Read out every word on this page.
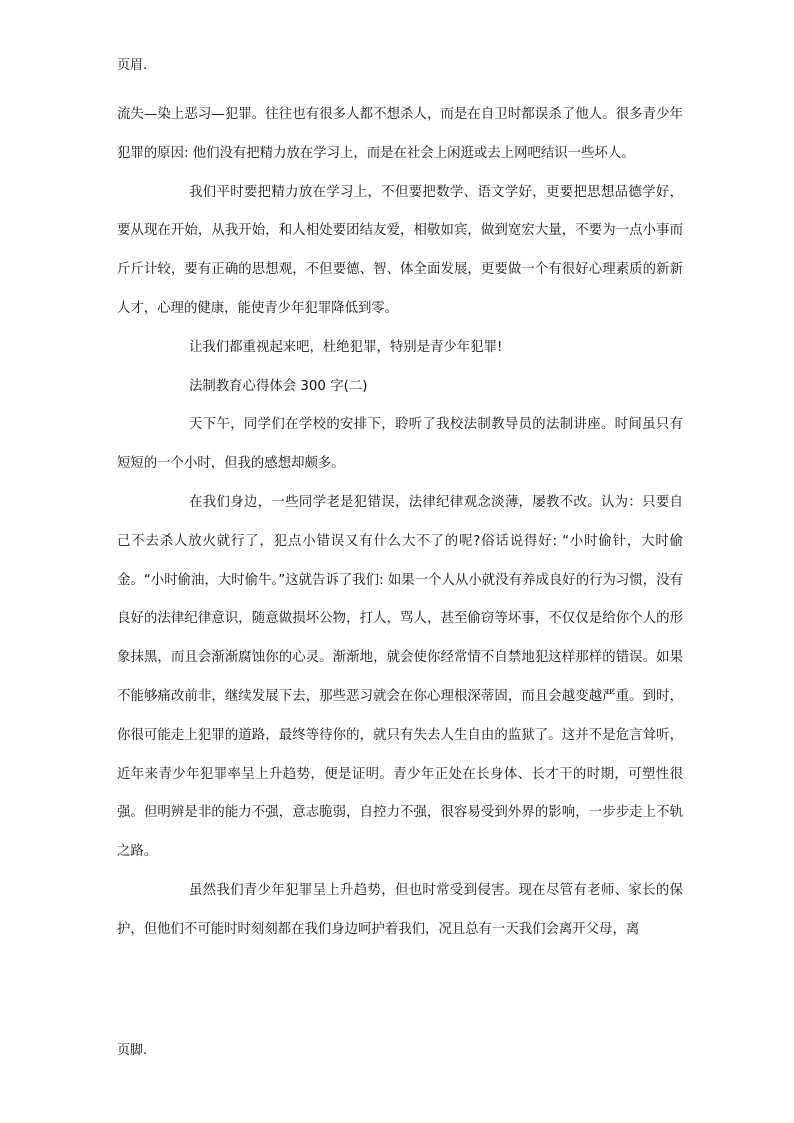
页眉.

流失—染上恶习—犯罪。往往也有很多人都不想杀人，而是在自卫时都误杀了他人。很多青少年犯罪的原因: 他们没有把精力放在学习上，而是在社会上闲逛或去上网吧结识一些坏人。

我们平时要把精力放在学习上，不但要把数学、语文学好，更要把思想品德学好，要从现在开始，从我开始，和人相处要团结友爱，相敬如宾，做到宽宏大量，不要为一点小事而斤斤计较，要有正确的思想观，不但要德、智、体全面发展，更要做一个有很好心理素质的新新人才，心理的健康，能使青少年犯罪降低到零。

让我们都重视起来吧，杜绝犯罪，特别是青少年犯罪!

法制教育心得体会 300 字(二)

天下午，同学们在学校的安排下，聆听了我校法制教导员的法制讲座。时间虽只有短短的一个小时，但我的感想却颇多。

在我们身边，一些同学老是犯错误，法律纪律观念淡薄，屡教不改。认为：只要自己不去杀人放火就行了，犯点小错误又有什么大不了的呢?俗话说得好: “小时偷针，大时偷金。“小时偷油，大时偷牛。”这就告诉了我们: 如果一个人从小就没有养成良好的行为习惯，没有良好的法律纪律意识，随意做损坏公物，打人，骂人，甚至偷窃等坏事，不仅仅是给你个人的形象抹黑，而且会渐渐腐蚀你的心灵。渐渐地，就会使你经常情不自禁地犯这样那样的错误。如果不能够痛改前非，继续发展下去，那些恶习就会在你心理根深蒂固，而且会越变越严重。到时，你很可能走上犯罪的道路，最终等待你的，就只有失去人生自由的监狱了。这并不是危言耸听，近年来青少年犯罪率呈上升趋势，便是证明。青少年正处在长身体、长才干的时期，可塑性很强。但明辨是非的能力不强，意志脆弱，自控力不强，很容易受到外界的影响，一步步走上不轨之路。

虽然我们青少年犯罪呈上升趋势，但也时常受到侵害。现在尽管有老师、家长的保护，但他们不可能时时刻刻都在我们身边呵护着我们，况且总有一天我们会离开父母，离

页脚.
